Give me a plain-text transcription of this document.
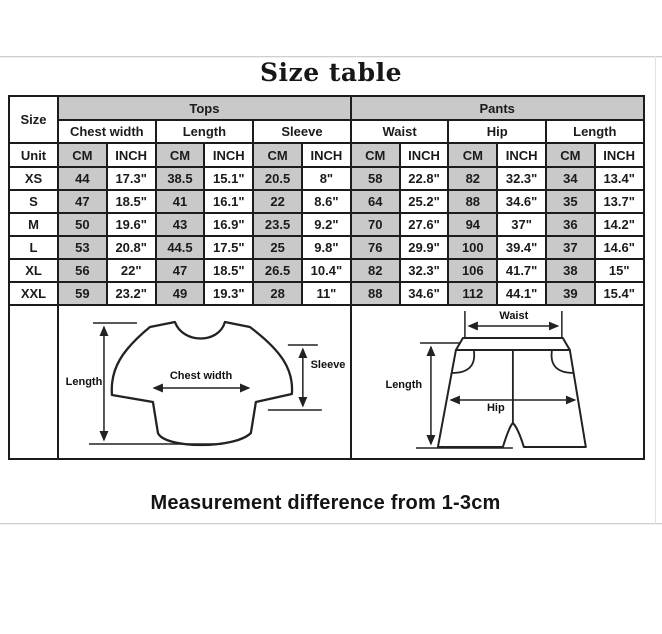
Size table
Size	Tops						Pants					
	Chest width		Length		Sleeve		Waist		Hip		Length	
Unit	CM	INCH	CM	INCH	CM	INCH	CM	INCH	CM	INCH	CM	INCH
XS	44	17.3"	38.5	15.1"	20.5	8"	58	22.8"	82	32.3"	34	13.4"
S	47	18.5"	41	16.1"	22	8.6"	64	25.2"	88	34.6"	35	13.7"
M	50	19.6"	43	16.9"	23.5	9.2"	70	27.6"	94	37"	36	14.2"
L	53	20.8"	44.5	17.5"	25	9.8"	76	29.9"	100	39.4"	37	14.6"
XL	56	22"	47	18.5"	26.5	10.4"	82	32.3"	106	41.7"	38	15"
XXL	59	23.2"	49	19.3"	28	11"	88	34.6"	112	44.1"	39	15.4"

	Length Chest width
Sleeve						Waist
Length
Hip					
Measurement difference from 1-3cm
